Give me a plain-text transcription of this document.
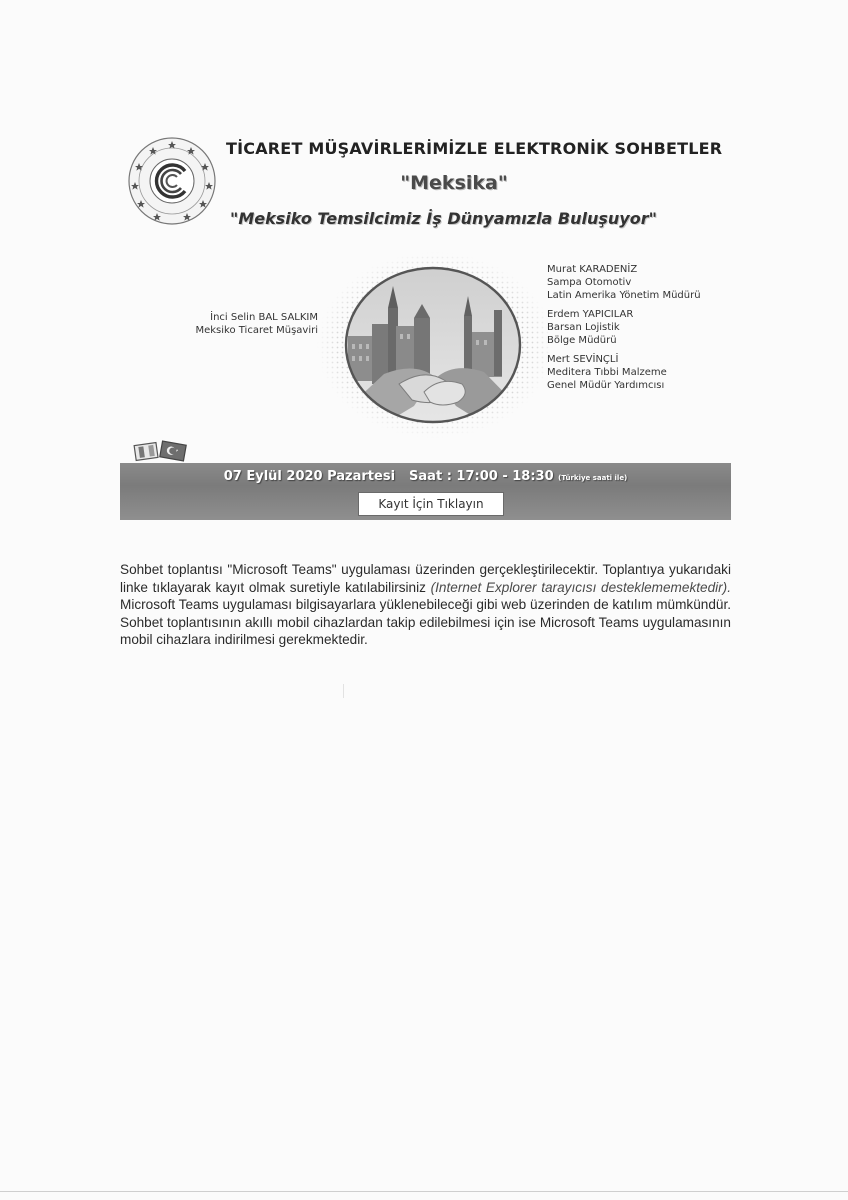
TİCARET MÜŞAVİRLERİMİZLE ELEKTRONİK SOHBETLER
"Meksika"
"Meksiko Temsilcimiz İş Dünyamızla Buluşuyor"
İnci Selin BAL SALKIM
Meksiko Ticaret Müşaviri
Murat KARADENİZ
Sampa Otomotiv
Latin Amerika Yönetim Müdürü
Erdem YAPICILAR
Barsan Lojistik
Bölge Müdürü
Mert SEVİNÇLİ
Meditera Tıbbi Malzeme
Genel Müdür Yardımcısı
07 Eylül 2020 Pazartesi Saat : 17:00 - 18:30 (Türkiye saati ile)
Kayıt İçin Tıklayın
Sohbet toplantısı "Microsoft Teams" uygulaması üzerinden gerçekleştirilecektir. Toplantıya yukarıdaki linke tıklayarak kayıt olmak suretiyle katılabilirsiniz (Internet Explorer tarayıcısı desteklememektedir). Microsoft Teams uygulaması bilgisayarlara yüklenebileceği gibi web üzerinden de katılım mümkündür. Sohbet toplantısının akıllı mobil cihazlardan takip edilebilmesi için ise Microsoft Teams uygulamasının mobil cihazlara indirilmesi gerekmektedir.
